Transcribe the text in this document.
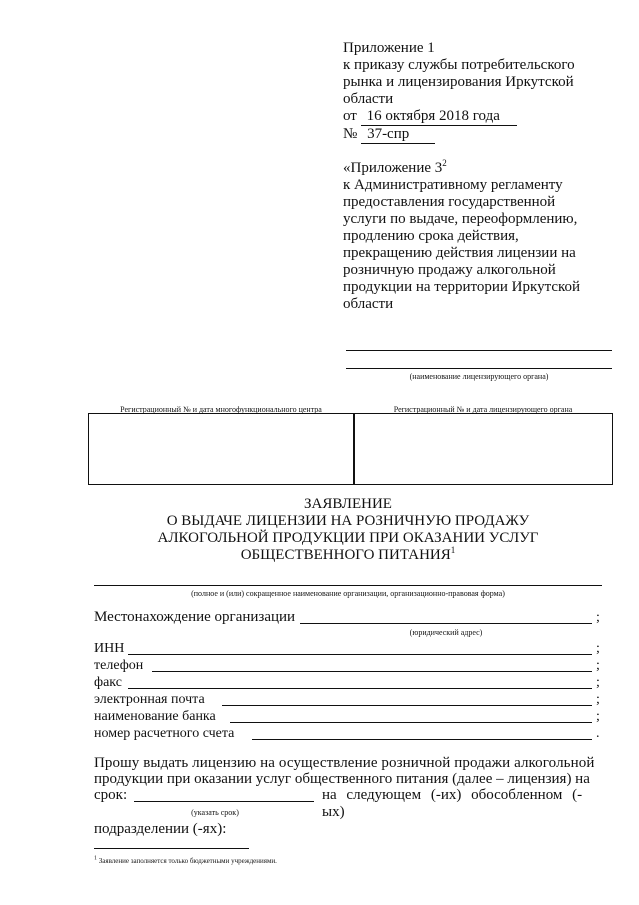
Приложение 1
к приказу службы потребительского
рынка и лицензирования Иркутской
области
от 16 октября 2018 года
№ 37-спр
«Приложение $3^2$
к Административному регламенту
предоставления государственной
услуги по выдаче, переоформлению,
продлению срока действия,
прекращению действия лицензии на
розничную продажу алкогольной
продукции на территории Иркутской
области
(наименование лицензирующего органа)
Регистрационный № и дата многофункционального центра	Регистрационный № и дата лицензирующего органа
ЗАЯВЛЕНИЕ
О ВЫДАЧЕ ЛИЦЕНЗИИ НА РОЗНИЧНУЮ ПРОДАЖУ
АЛКОГОЛЬНОЙ ПРОДУКЦИИ ПРИ ОКАЗАНИИ УСЛУГ
ОБЩЕСТВЕННОГО ПИТАНИЯ$^1$
(полное и (или) сокращенное наименование организации, организационно-правовая форма)
Местонахождение организации	;
(юридический адрес)
ИНН	;
телефон	;
факс	;
электронная почта	;
наименование банка	;
номер расчетного счета	.
Прошу выдать лицензию на осуществление розничной продажи алкогольной
продукции при оказании услуг общественного питания (далее – лицензия) на
срок:	на следующем (-их) обособленном (-ых)
(указать срок)
подразделении (-ях):
$^1$ Заявление заполняется только бюджетными учреждениями.
